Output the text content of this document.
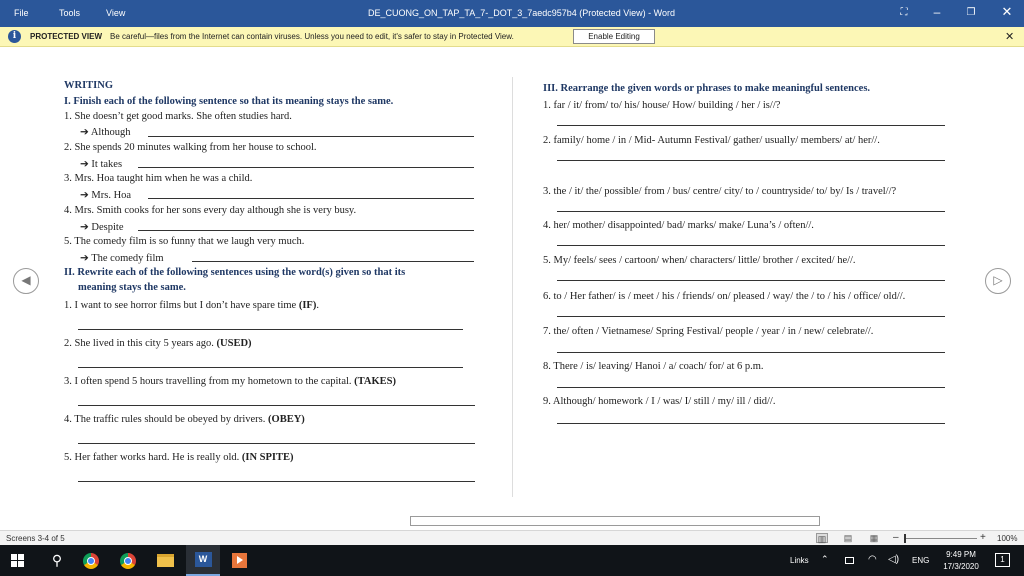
File	Tools	View	DE_CUONG_ON_TAP_TA_7-_DOT_3_7aedc957b4 (Protected View) - Word	⛶	–	❐	✕
i	PROTECTED VIEW Be careful—files from the Internet can contain viruses. Unless you need to edit, it's safer to stay in Protected View.	Enable Editing	✕
WRITING
I. Finish each of the following sentence so that its meaning stays the same.
1. She doesn’t get good marks. She often studies hard.
➔ Although
2. She spends 20 minutes walking from her house to school.
➔ It takes
3. Mrs. Hoa taught him when he was a child.
➔ Mrs. Hoa
4. Mrs. Smith cooks for her sons every day although she is very busy.
➔ Despite
5. The comedy film is so funny that we laugh very much.
➔ The comedy film
II. Rewrite each of the following sentences using the word(s) given so that its
meaning stays the same.
1. I want to see horror films but I don’t have spare time (IF).
2. She lived in this city 5 years ago. (USED)
3. I often spend 5 hours travelling from my hometown to the capital. (TAKES)
4. The traffic rules should be obeyed by drivers. (OBEY)
5. Her father works hard. He is really old. (IN SPITE)
III. Rearrange the given words or phrases to make meaningful sentences.
1. far / it/ from/ to/ his/ house/ How/ building / her / is//?
2. family/ home / in / Mid- Autumn Festival/ gather/ usually/ members/ at/ her//.
3. the / it/ the/ possible/ from / bus/ centre/ city/ to / countryside/ to/ by/ Is / travel//?
4. her/ mother/ disappointed/ bad/ marks/ make/ Luna’s / often//.
5. My/ feels/ sees / cartoon/ when/ characters/ little/ brother / excited/ he//.
6. to / Her father/ is / meet / his / friends/ on/ pleased / way/ the / to / his / office/ old//.
7. the/ often / Vietnamese/ Spring Festival/ people / year / in / new/ celebrate//.
8. There / is/ leaving/ Hanoi / a/ coach/ for/ at 6 p.m.
9. Although/ homework / I / was/ I/ still / my/ ill / did//.
◀	▷
Screens 3-4 of 5	▥ ▤ ▦ –	+ 100%
⚲	W	Links ⌃	◠ ◁) ENG
9:49 PM
17/3/2020
1
